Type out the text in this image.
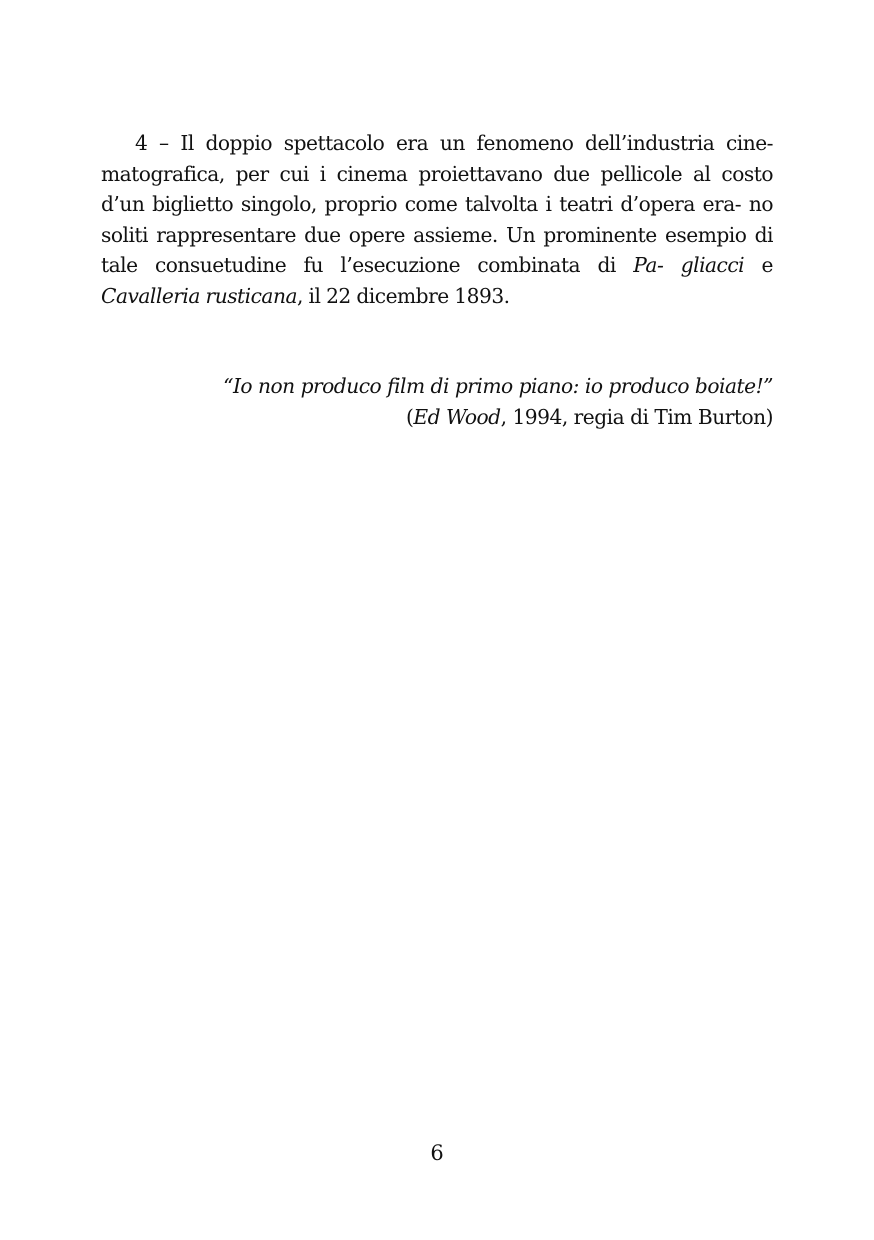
4 – Il doppio spettacolo era un fenomeno dell’industria cine- matografica, per cui i cinema proiettavano due pellicole al costo d’un biglietto singolo, proprio come talvolta i teatri d’opera era- no soliti rappresentare due opere assieme. Un prominente esempio di tale consuetudine fu l’esecuzione combinata di Pa- gliacci e Cavalleria rusticana, il 22 dicembre 1893.

“Io non produco film di primo piano: io produco boiate!”
(Ed Wood, 1994, regia di Tim Burton)
6
